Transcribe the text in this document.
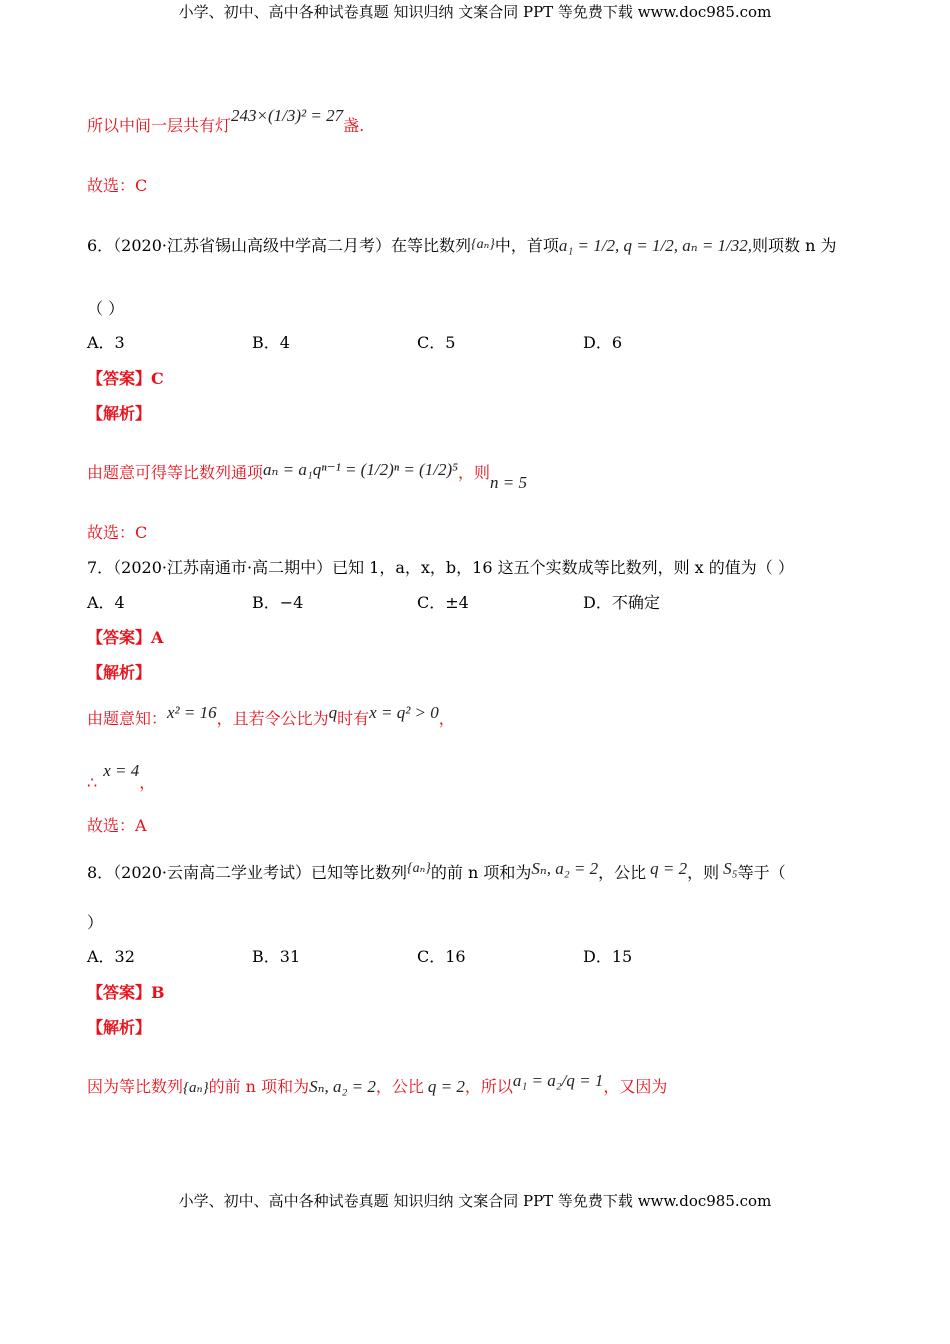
小学、初中、高中各种试卷真题 知识归纳 文案合同 PPT 等免费下载 www.doc985.com
所以中间一层共有灯243×(1/3)² = 27盏.
故选：C
6．（2020·江苏省锡山高级中学高二月考）在等比数列{aₙ}中，首项a₁ = 1/2, q = 1/2, aₙ = 1/32,则项数 n 为
（ ）
A．3	B．4	C．5	D．6
【答案】C
【解析】
由题意可得等比数列通项aₙ = a₁qⁿ⁻¹ = (1/2)ⁿ = (1/2)⁵，则n = 5
故选：C
7．（2020·江苏南通市·高二期中）已知 1，a，x，b，16 这五个实数成等比数列，则 x 的值为（ ）
A．4	B．−4	C．±4	D．不确定
【答案】A
【解析】
由题意知：x² = 16，且若令公比为q时有x = q² > 0，
∴x = 4，
故选：A
8．（2020·云南高二学业考试）已知等比数列{aₙ}的前 n 项和为Sₙ, a₂ = 2，公比 q = 2，则 S₅等于（
）
A．32	B．31	C．16	D．15
【答案】B
【解析】
因为等比数列{aₙ}的前 n 项和为Sₙ, a₂ = 2，公比 q = 2，所以a₁ = a₂/q = 1，又因为
小学、初中、高中各种试卷真题 知识归纳 文案合同 PPT 等免费下载 www.doc985.com
